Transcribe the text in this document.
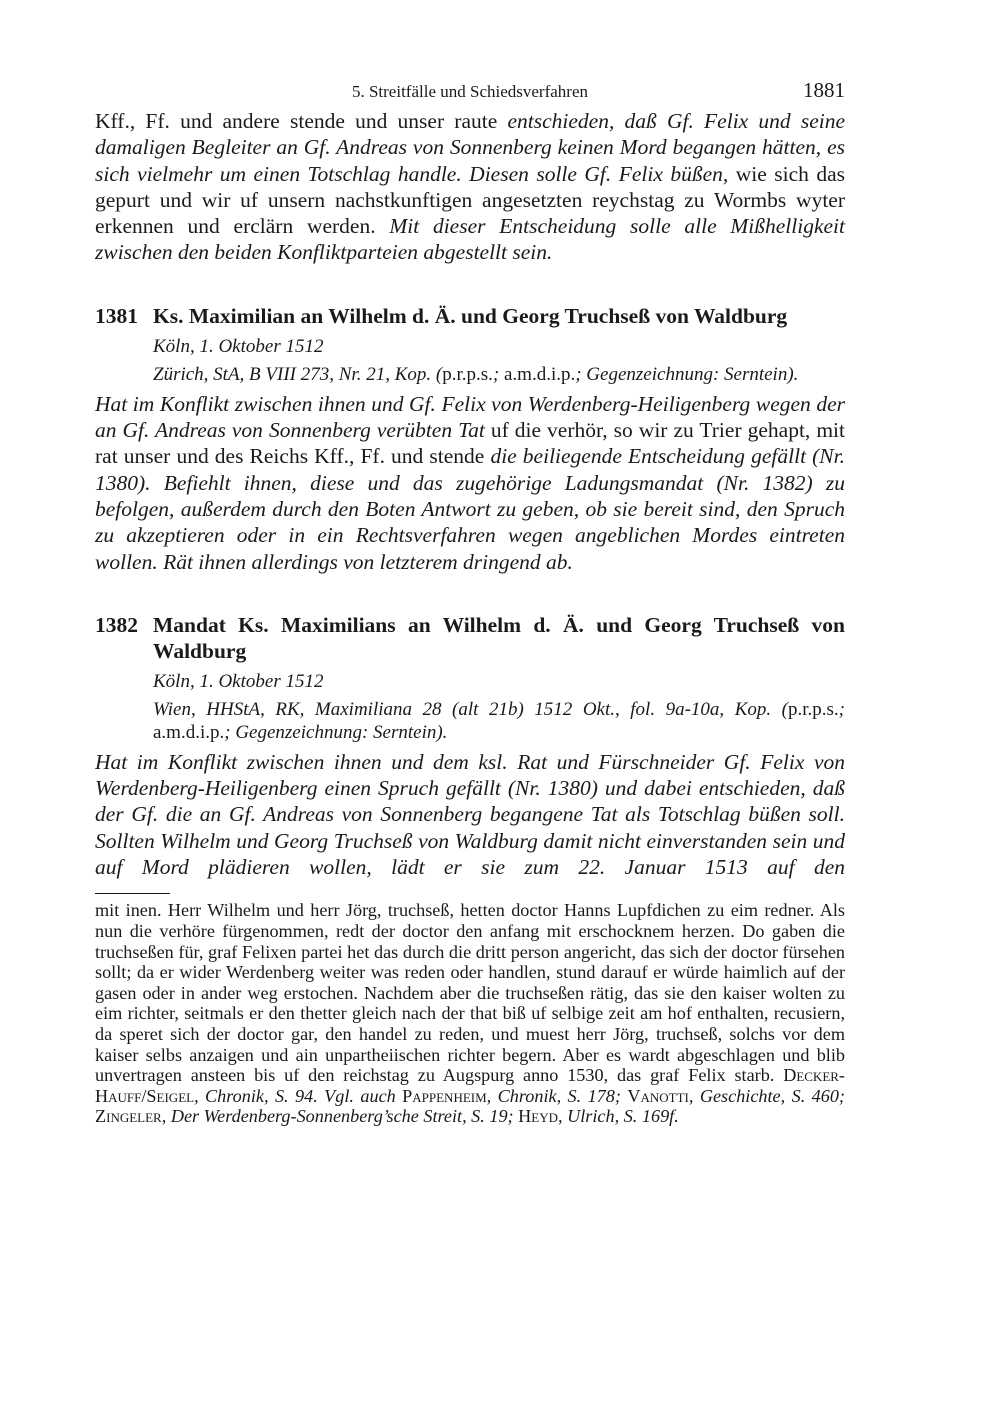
5. Streitfälle und Schiedsverfahren	1881

Kff., Ff. und andere stende und unser raute entschieden, daß Gf. Felix und seine damaligen Begleiter an Gf. Andreas von Sonnenberg keinen Mord begangen hätten, es sich vielmehr um einen Totschlag handle. Diesen solle Gf. Felix büßen, wie sich das gepurt und wir uf unsern nachstkunftigen angesetzten reychstag zu Wormbs wyter erkennen und erclärn werden. Mit dieser Entscheidung solle alle Mißhelligkeit zwischen den beiden Konfliktparteien abgestellt sein.

1381 Ks. Maximilian an Wilhelm d. Ä. und Georg Truchseß von Waldburg
Köln, 1. Oktober 1512
Zürich, StA, B VIII 273, Nr. 21, Kop. (p.r.p.s.; a.m.d.i.p.; Gegenzeichnung: Serntein).

Hat im Konflikt zwischen ihnen und Gf. Felix von Werdenberg-Heiligenberg wegen der an Gf. Andreas von Sonnenberg verübten Tat uf die verhör, so wir zu Trier gehapt, mit rat unser und des Reichs Kff., Ff. und stende die beiliegende Entscheidung gefällt (Nr. 1380). Befiehlt ihnen, diese und das zugehörige Ladungsmandat (Nr. 1382) zu befolgen, außerdem durch den Boten Antwort zu geben, ob sie bereit sind, den Spruch zu akzeptieren oder in ein Rechtsverfahren wegen angeblichen Mordes eintreten wollen. Rät ihnen allerdings von letzterem dringend ab.

1382 Mandat Ks. Maximilians an Wilhelm d. Ä. und Georg Truchseß von Waldburg
Köln, 1. Oktober 1512
Wien, HHStA, RK, Maximiliana 28 (alt 21b) 1512 Okt., fol. 9a-10a, Kop. (p.r.p.s.; a.m.d.i.p.; Gegenzeichnung: Serntein).

Hat im Konflikt zwischen ihnen und dem ksl. Rat und Fürschneider Gf. Felix von Werdenberg-Heiligenberg einen Spruch gefällt (Nr. 1380) und dabei entschieden, daß der Gf. die an Gf. Andreas von Sonnenberg begangene Tat als Totschlag büßen soll. Sollten Wilhelm und Georg Truchseß von Waldburg damit nicht einverstanden sein und auf Mord plädieren wollen, lädt er sie zum 22. Januar 1513 auf den

mit inen. Herr Wilhelm und herr Jörg, truchseß, hetten doctor Hanns Lupfdichen zu eim redner. Als nun die verhöre fürgenommen, redt der doctor den anfang mit erschocknem herzen. Do gaben die truchseßen für, graf Felixen partei het das durch die dritt person angericht, das sich der doctor fürsehen sollt; da er wider Werdenberg weiter was reden oder handlen, stund darauf er würde haimlich auf der gasen oder in ander weg erstochen. Nachdem aber die truchseßen rätig, das sie den kaiser wolten zu eim richter, seitmals er den thetter gleich nach der that biß uf selbige zeit am hof enthalten, recusiern, da speret sich der doctor gar, den handel zu reden, und muest herr Jörg, truchseß, solchs vor dem kaiser selbs anzaigen und ain unpartheiischen richter begern. Aber es wardt abgeschlagen und blib unvertragen ansteen bis uf den reichstag zu Augspurg anno 1530, das graf Felix starb. Decker-Hauff/Seigel, Chronik, S. 94. Vgl. auch Pappenheim, Chronik, S. 178; Vanotti, Geschichte, S. 460; Zingeler, Der Werdenberg-Sonnenberg’sche Streit, S. 19; Heyd, Ulrich, S. 169f.
